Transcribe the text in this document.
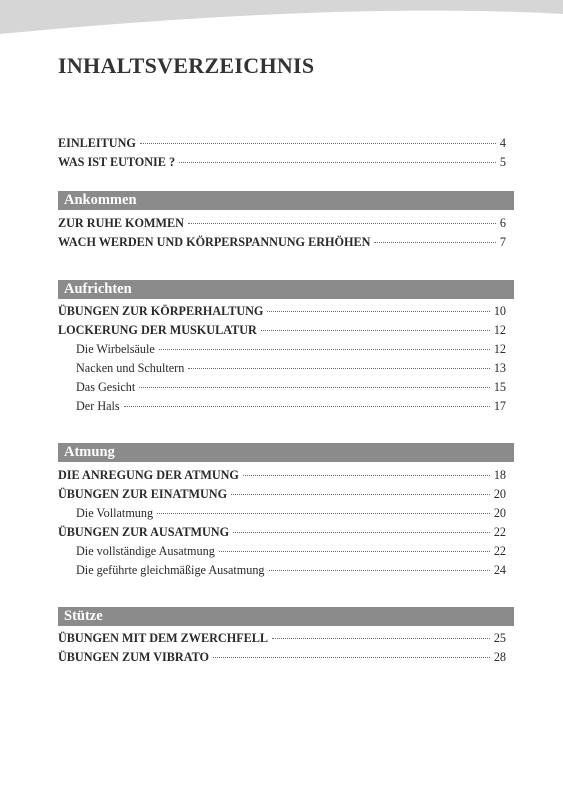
INHALTSVERZEICHNIS
EINLEITUNG	4
WAS IST EUTONIE ?	5
Ankommen
ZUR RUHE KOMMEN	6
WACH WERDEN UND KÖRPERSPANNUNG ERHÖHEN	7
Aufrichten
ÜBUNGEN ZUR KÖRPERHALTUNG	10
LOCKERUNG DER MUSKULATUR	12
Die Wirbelsäule	12
Nacken und Schultern	13
Das Gesicht	15
Der Hals	17
Atmung
DIE ANREGUNG DER ATMUNG	18
ÜBUNGEN ZUR EINATMUNG	20
Die Vollatmung	20
ÜBUNGEN ZUR AUSATMUNG	22
Die vollständige Ausatmung	22
Die geführte gleichmäßige Ausatmung	24
Stütze
ÜBUNGEN MIT DEM ZWERCHFELL	25
ÜBUNGEN ZUM VIBRATO	28
